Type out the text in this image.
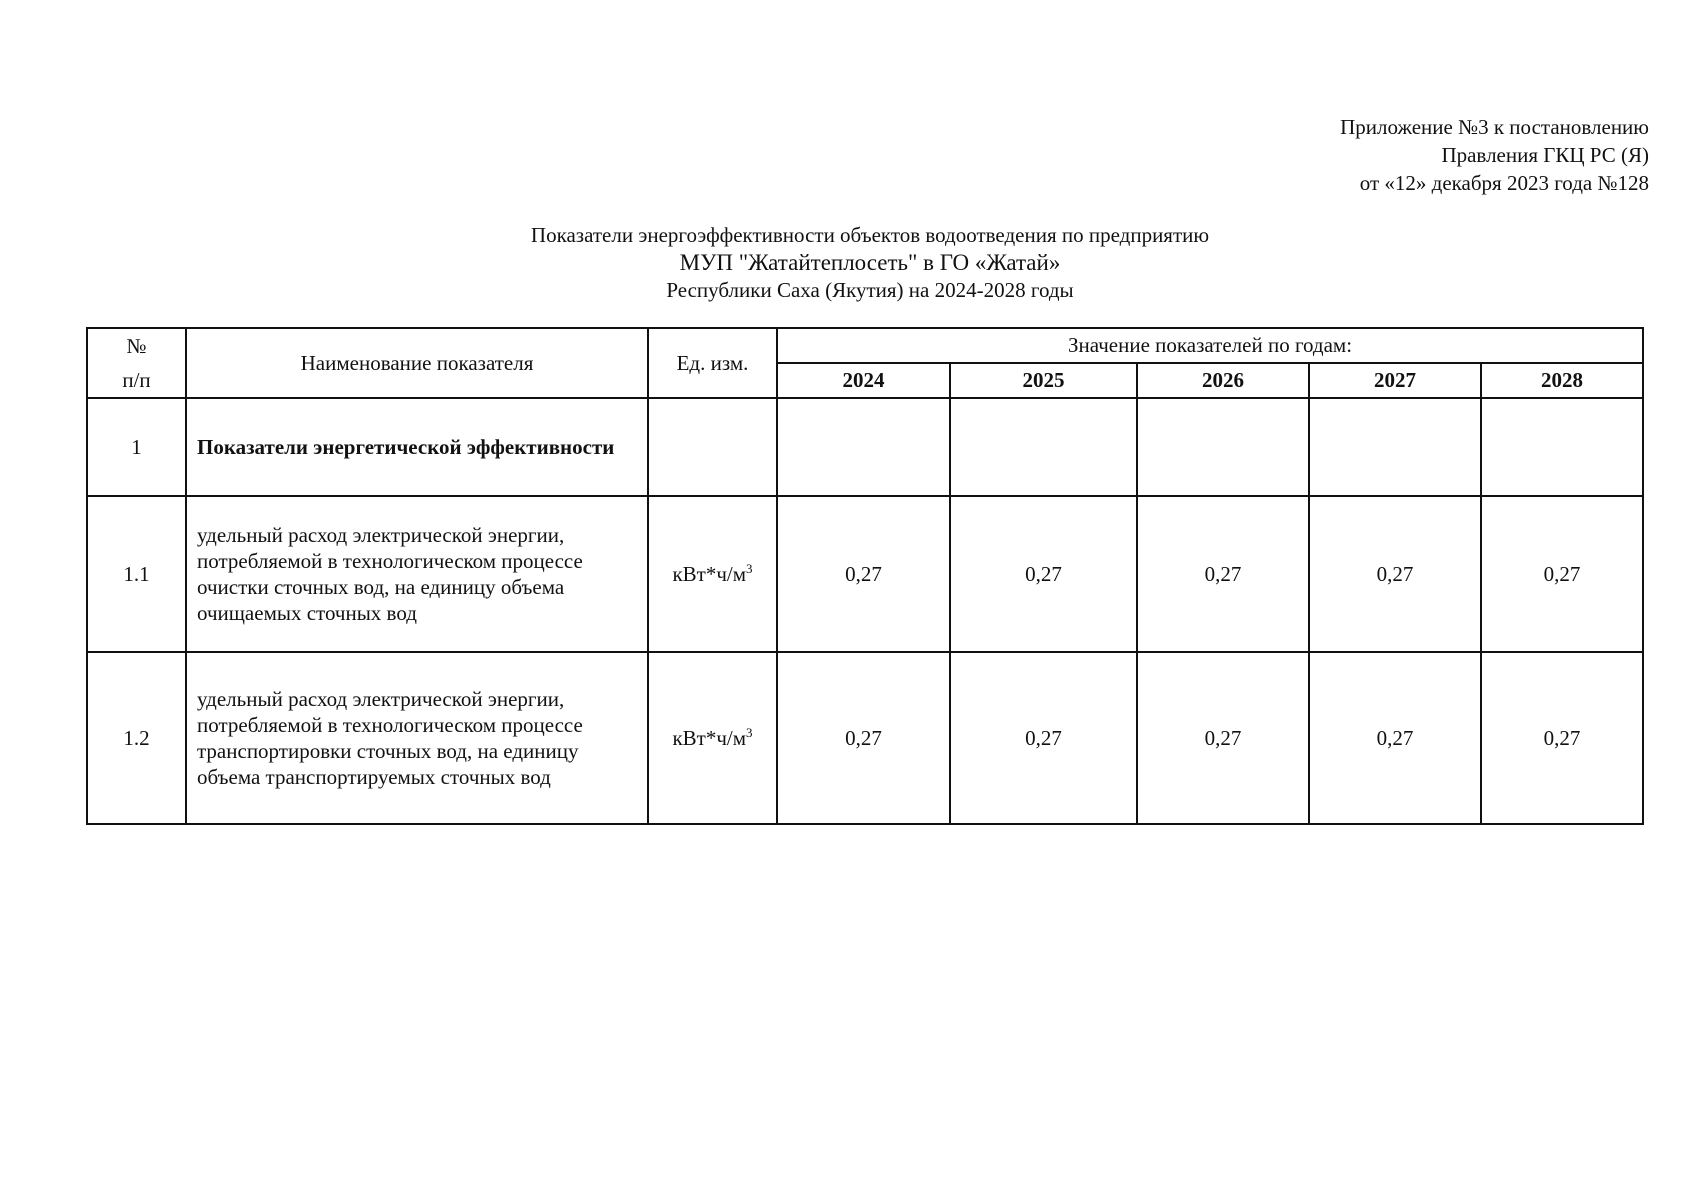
Приложение №3 к постановлению
Правления ГКЦ РС (Я)
от «12» декабря 2023 года №128
Показатели энергоэффективности объектов водоотведения по предприятию
МУП "Жатайтеплосеть" в ГО «Жатай»
Республики Саха (Якутия) на 2024-2028 годы
№
п/п	Наименование показателя	Ед. изм.	Значение показателей по годам:				
			2024	2025	2026	2027	2028
1	Показатели энергетической эффективности						
1.1	удельный расход электрической энергии, потребляемой в технологическом процессе очистки сточных вод, на единицу объема очищаемых сточных вод	$кВт*ч/м^3$	0,27	0,27	0,27	0,27	0,27
1.2	удельный расход электрической энергии, потребляемой в технологическом процессе транспортировки сточных вод, на единицу объема транспортируемых сточных вод	$кВт*ч/м^3$	0,27	0,27	0,27	0,27	0,27
